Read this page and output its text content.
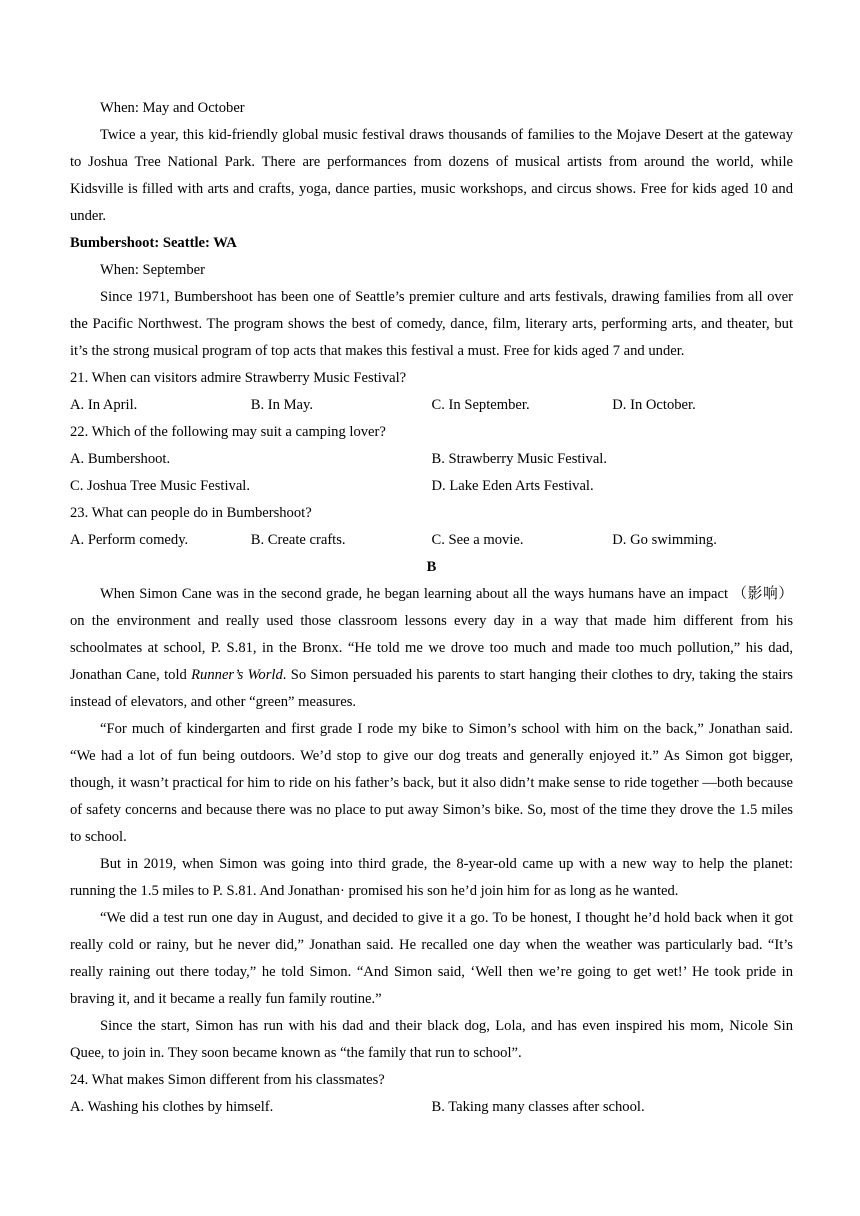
When: May and October

Twice a year, this kid-friendly global music festival draws thousands of families to the Mojave Desert at the gateway to Joshua Tree National Park. There are performances from dozens of musical artists from around the world, while Kidsville is filled with arts and crafts, yoga, dance parties, music workshops, and circus shows. Free for kids aged 10 and under.

Bumbershoot: Seattle: WA

When: September

Since 1971, Bumbershoot has been one of Seattle’s premier culture and arts festivals, drawing families from all over the Pacific Northwest. The program shows the best of comedy, dance, film, literary arts, performing arts, and theater, but it’s the strong musical program of top acts that makes this festival a must. Free for kids aged 7 and under.

21. When can visitors admire Strawberry Music Festival?

A. In April.	B. In May.	C. In September.	D. In October.

22. Which of the following may suit a camping lover?

A. Bumbershoot.	B. Strawberry Music Festival.
C. Joshua Tree Music Festival.	D. Lake Eden Arts Festival.

23. What can people do in Bumbershoot?

A. Perform comedy.	B. Create crafts.	C. See a movie.	D. Go swimming.

B

When Simon Cane was in the second grade, he began learning about all the ways humans have an impact （影响） on the environment and really used those classroom lessons every day in a way that made him different from his schoolmates at school, P. S.81, in the Bronx. “He told me we drove too much and made too much pollution,” his dad, Jonathan Cane, told Runner’s World. So Simon persuaded his parents to start hanging their clothes to dry, taking the stairs instead of elevators, and other “green” measures.

“For much of kindergarten and first grade I rode my bike to Simon’s school with him on the back,” Jonathan said. “We had a lot of fun being outdoors. We’d stop to give our dog treats and generally enjoyed it.” As Simon got bigger, though, it wasn’t practical for him to ride on his father’s back, but it also didn’t make sense to ride together —both because of safety concerns and because there was no place to put away Simon’s bike. So, most of the time they drove the 1.5 miles to school.

But in 2019, when Simon was going into third grade, the 8-year-old came up with a new way to help the planet: running the 1.5 miles to P. S.81. And Jonathan· promised his son he’d join him for as long as he wanted.

“We did a test run one day in August, and decided to give it a go. To be honest, I thought he’d hold back when it got really cold or rainy, but he never did,” Jonathan said. He recalled one day when the weather was particularly bad. “It’s really raining out there today,” he told Simon. “And Simon said, ‘Well then we’re going to get wet!’ He took pride in braving it, and it became a really fun family routine.”

Since the start, Simon has run with his dad and their black dog, Lola, and has even inspired his mom, Nicole Sin Quee, to join in. They soon became known as “the family that run to school”.

24. What makes Simon different from his classmates?

A. Washing his clothes by himself.	B. Taking many classes after school.
